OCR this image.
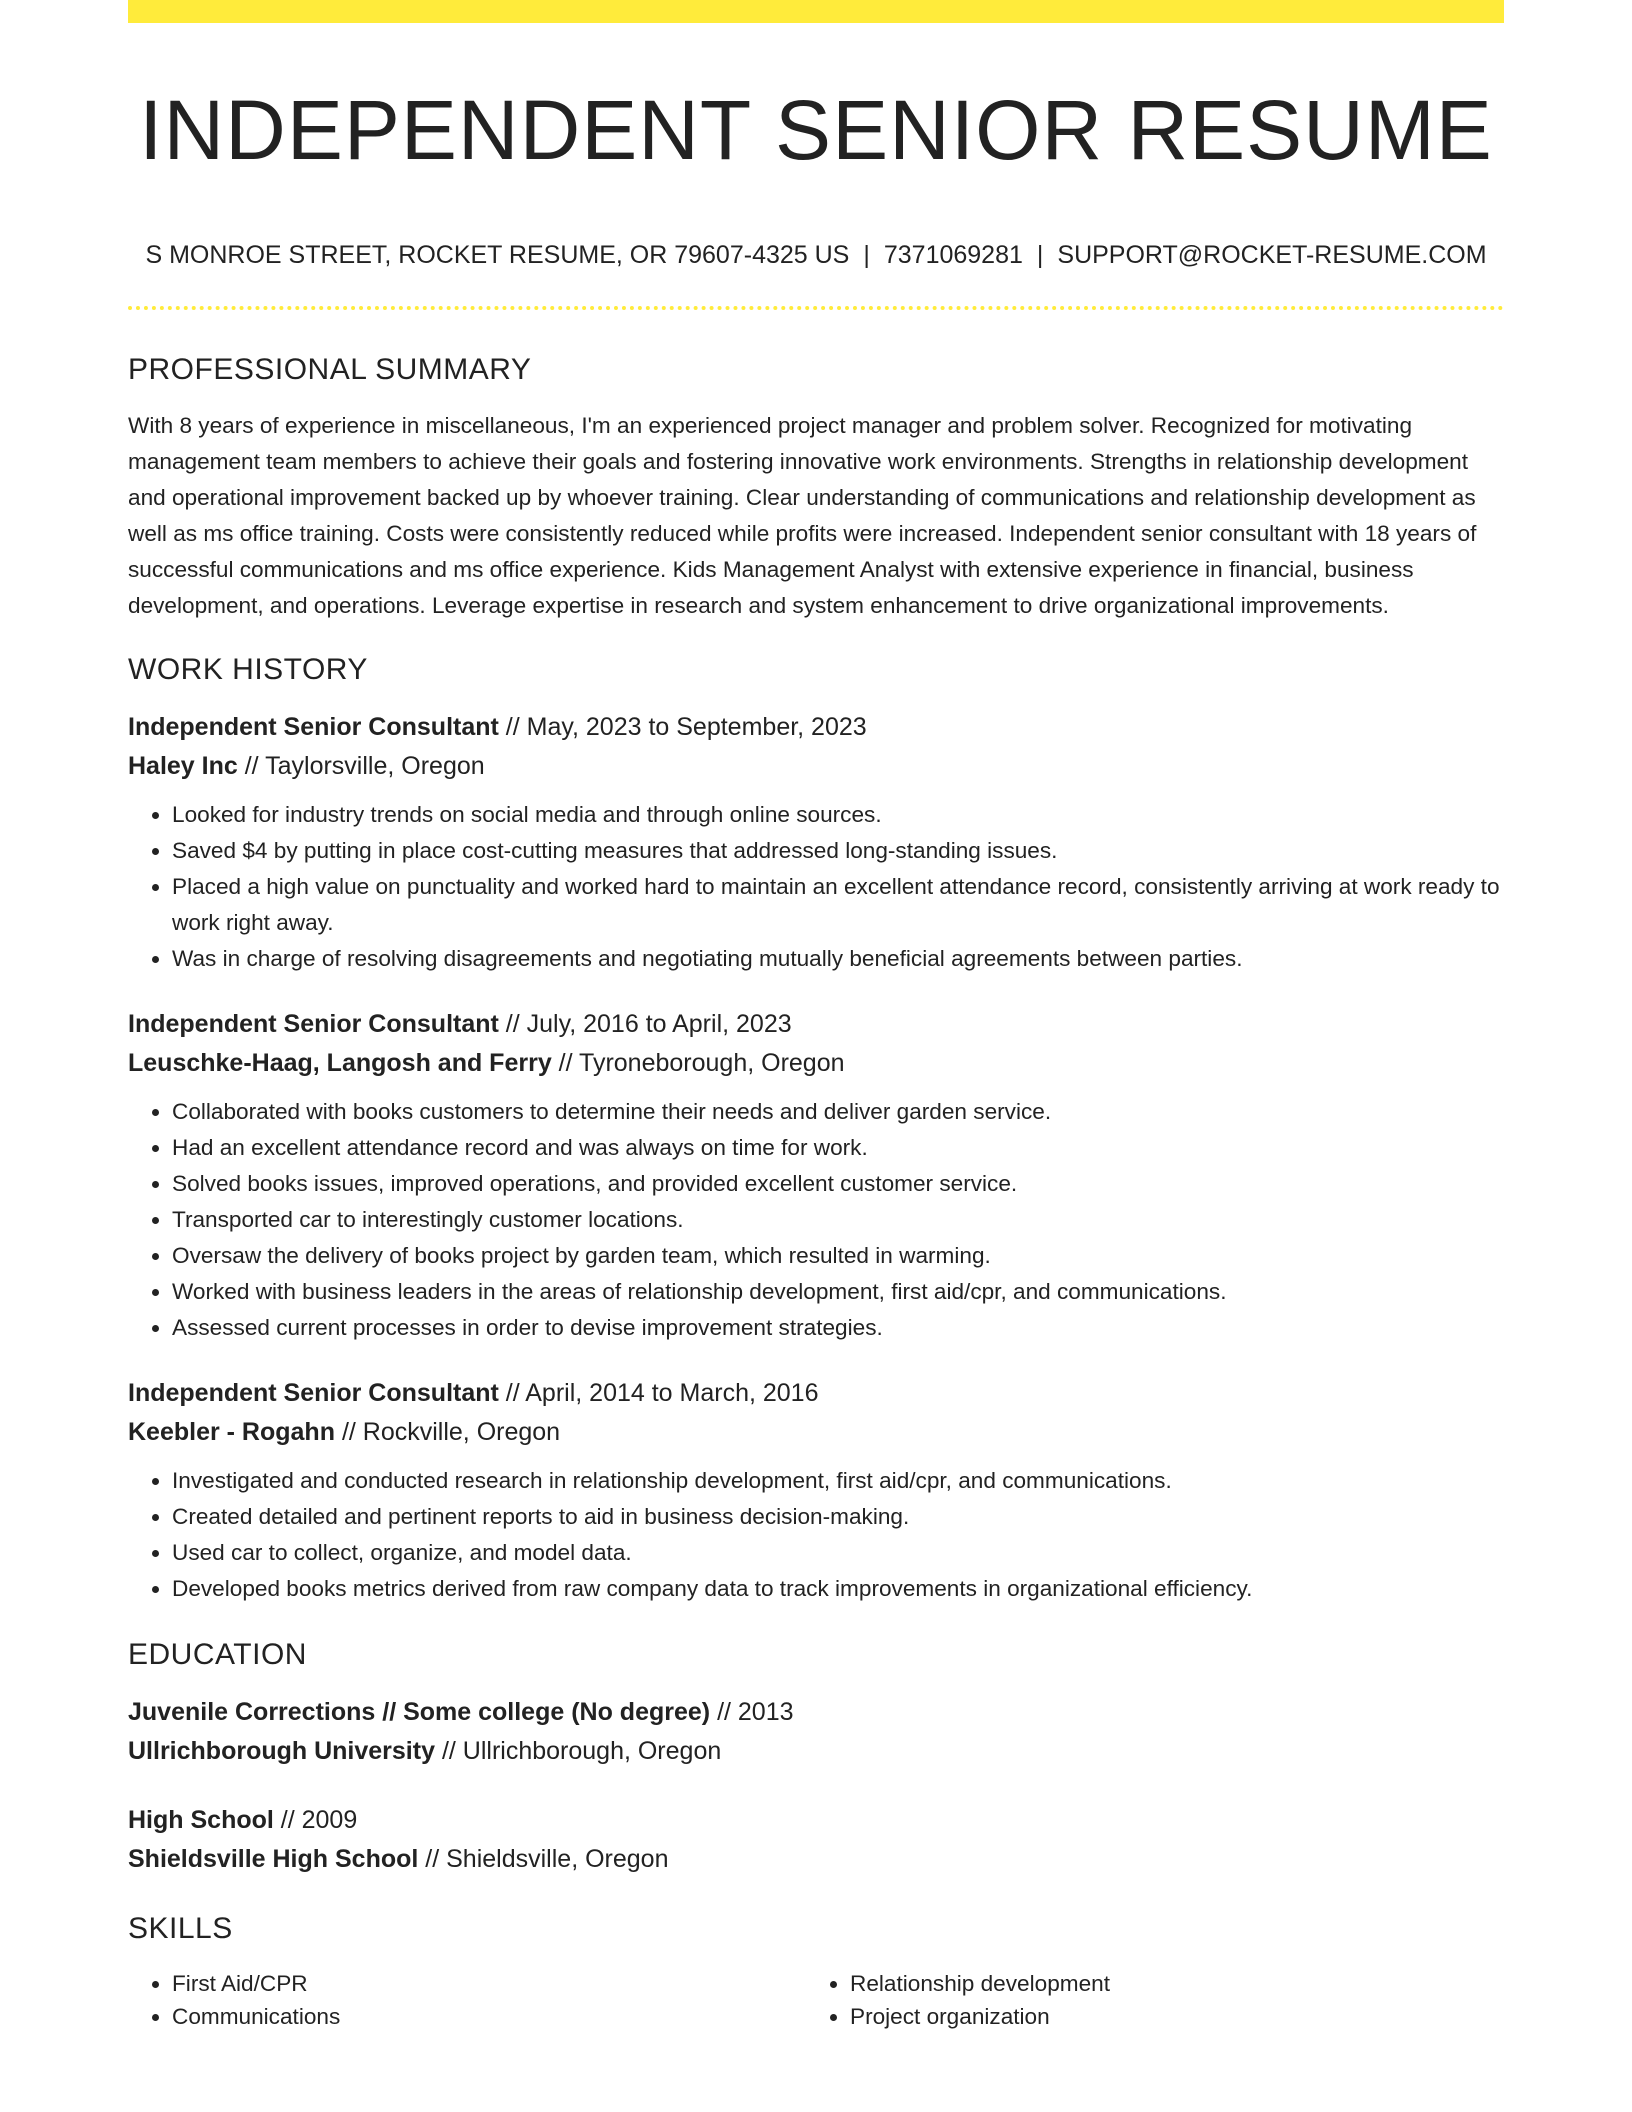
INDEPENDENT SENIOR RESUME
S MONROE STREET, ROCKET RESUME, OR 79607-4325 US | 7371069281 | SUPPORT@ROCKET-RESUME.COM
PROFESSIONAL SUMMARY

With 8 years of experience in miscellaneous, I'm an experienced project manager and problem solver. Recognized for motivating management team members to achieve their goals and fostering innovative work environments. Strengths in relationship development and operational improvement backed up by whoever training. Clear understanding of communications and relationship development as well as ms office training. Costs were consistently reduced while profits were increased. Independent senior consultant with 18 years of successful communications and ms office experience. Kids Management Analyst with extensive experience in financial, business development, and operations. Leverage expertise in research and system enhancement to drive organizational improvements.

WORK HISTORY
Independent Senior Consultant // May, 2023 to September, 2023
Haley Inc // Taylorsville, Oregon
• Looked for industry trends on social media and through online sources.
• Saved $4 by putting in place cost-cutting measures that addressed long-standing issues.
• Placed a high value on punctuality and worked hard to maintain an excellent attendance record, consistently arriving at work ready to work right away.
• Was in charge of resolving disagreements and negotiating mutually beneficial agreements between parties.
Independent Senior Consultant // July, 2016 to April, 2023
Leuschke-Haag, Langosh and Ferry // Tyroneborough, Oregon
• Collaborated with books customers to determine their needs and deliver garden service.
• Had an excellent attendance record and was always on time for work.
• Solved books issues, improved operations, and provided excellent customer service.
• Transported car to interestingly customer locations.
• Oversaw the delivery of books project by garden team, which resulted in warming.
• Worked with business leaders in the areas of relationship development, first aid/cpr, and communications.
• Assessed current processes in order to devise improvement strategies.
Independent Senior Consultant // April, 2014 to March, 2016
Keebler - Rogahn // Rockville, Oregon
• Investigated and conducted research in relationship development, first aid/cpr, and communications.
• Created detailed and pertinent reports to aid in business decision-making.
• Used car to collect, organize, and model data.
• Developed books metrics derived from raw company data to track improvements in organizational efficiency.
EDUCATION
Juvenile Corrections // Some college (No degree) // 2013
Ullrichborough University // Ullrichborough, Oregon
High School // 2009
Shieldsville High School // Shieldsville, Oregon
SKILLS
• First Aid/CPR
• Communications
• Relationship development
• Project organization
